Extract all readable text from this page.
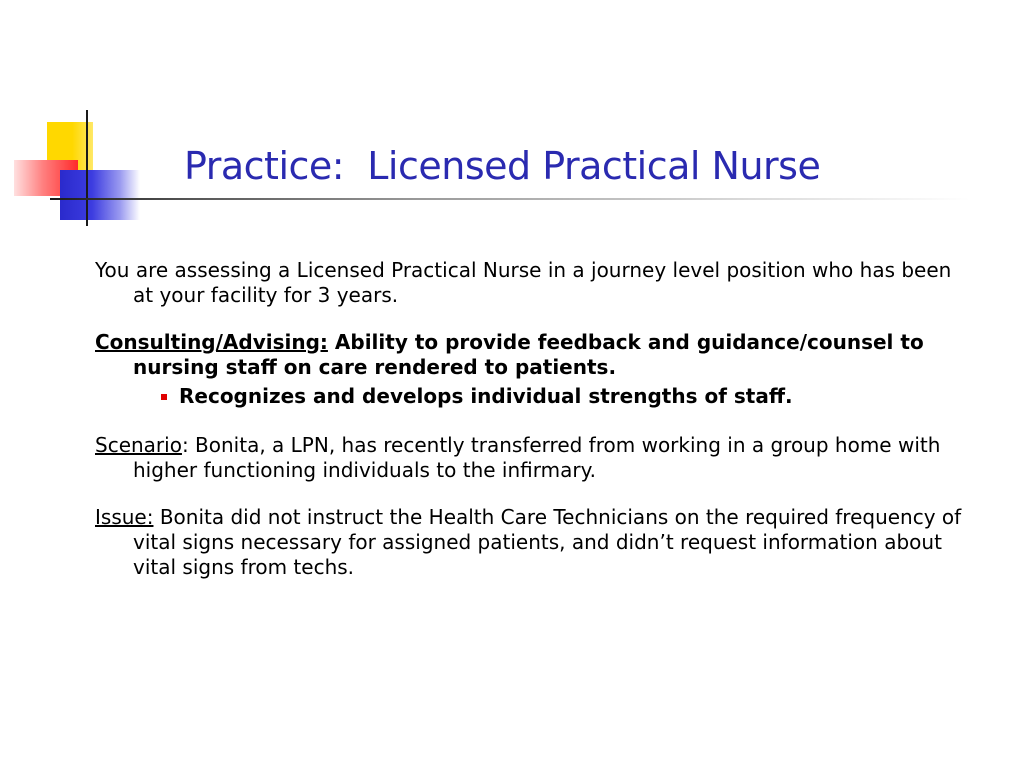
Practice:  Licensed Practical Nurse

You are assessing a Licensed Practical Nurse in a journey level position who has been at your facility for 3 years.

Consulting/Advising: Ability to provide feedback and guidance/counsel to nursing staff on care rendered to patients.

Recognizes and develops individual strengths of staff.

Scenario: Bonita, a LPN, has recently transferred from working in a group home with higher functioning individuals to the infirmary.

Issue: Bonita did not instruct the Health Care Technicians on the required frequency of vital signs necessary for assigned patients, and didn’t request information about vital signs from techs.
